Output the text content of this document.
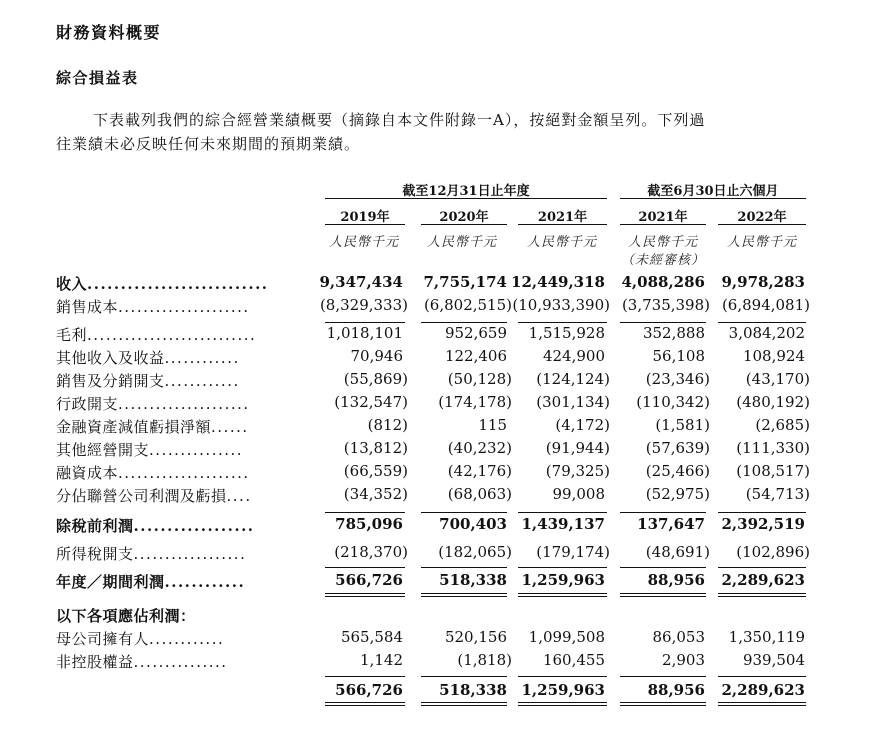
財務資料概要
綜合損益表
下表載列我們的綜合經營業績概要（摘錄自本文件附錄一A），按絕對金額呈列。下列過
往業績未必反映任何未來期間的預期業績。
截至12月31日止年度	截至6月30日止六個月
2019年	2020年	2021年	2021年	2022年
人民幣千元	人民幣千元	人民幣千元	人民幣千元	人民幣千元
（未經審核）
收入...........................	9,347,434 7,755,174 12,449,318 4,088,286 9,978,283
銷售成本.....................	(8,329,333) (6,802,515) (10,933,390) (3,735,398) (6,894,081)
毛利...........................	1,018,101	952,659 1,515,928	352,888 3,084,202
其他收入及收益............	70,946	122,406 424,900	56,108	108,924
銷售及分銷開支............	(55,869)	(50,128) (124,124) (23,346) (43,170)
行政開支.....................	(132,547) (174,178) (301,134) (110,342) (480,192)
金融資產減值虧損淨額......	(812)	115	(4,172)	(1,581)	(2,685)
其他經營開支...............	(13,812)	(40,232) (91,944) (57,639) (111,330)
融資成本.....................	(66,559)	(42,176) (79,325) (25,466) (108,517)
分佔聯營公司利潤及虧損....	(34,352)	(68,063)	99,008	(52,975) (54,713)
除稅前利潤..................	785,096 700,403 1,439,137 137,647 2,392,519
所得稅開支..................	(218,370) (182,065) (179,174) (48,691) (102,896)
年度／期間利潤............	566,726 518,338 1,259,963	88,956 2,289,623
以下各項應佔利潤：
母公司擁有人............	565,584	520,156 1,099,508	86,053 1,350,119
非控股權益...............	1,142	(1,818) 160,455	2,903	939,504
566,726 518,338 1,259,963	88,956 2,289,623
